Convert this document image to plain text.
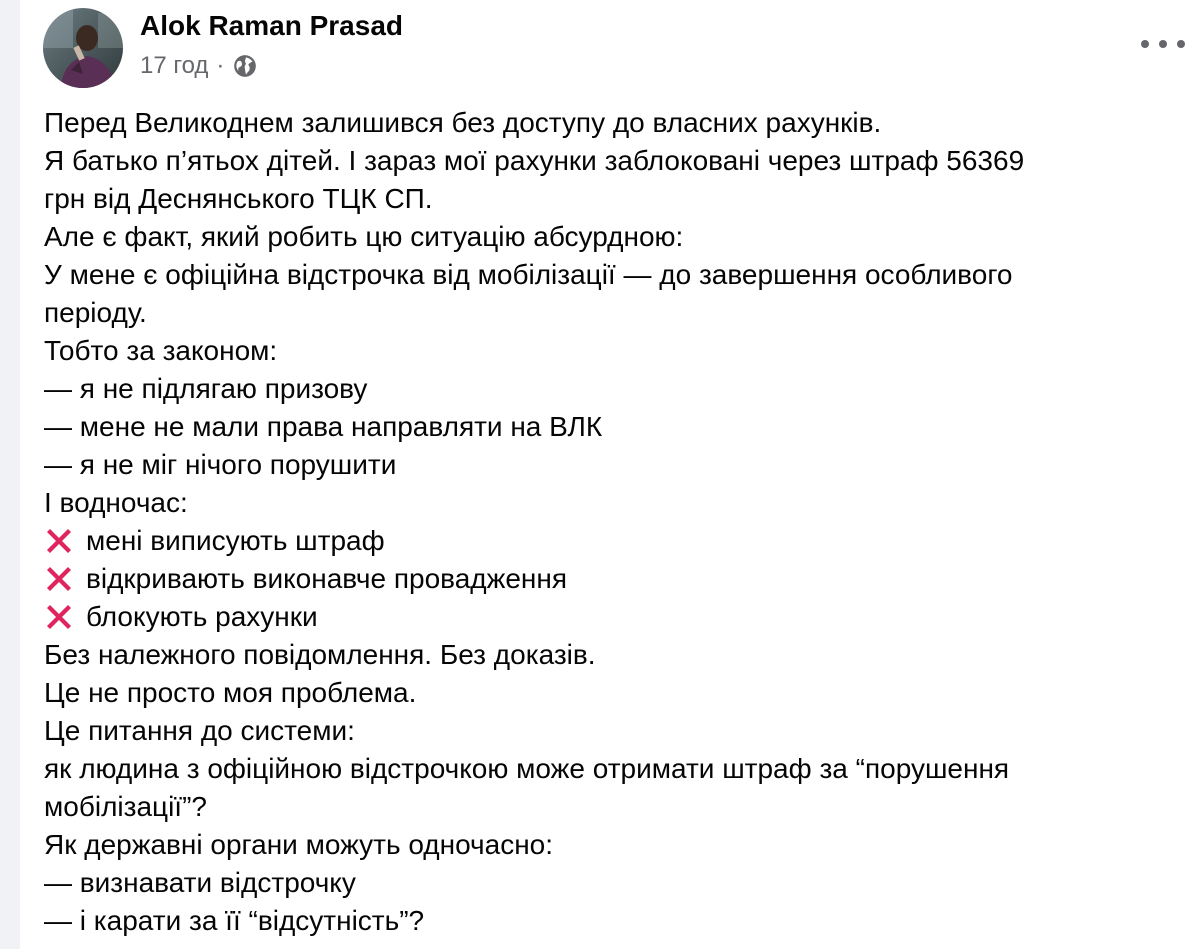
Alok Raman Prasad
17 год ·
Перед Великоднем залишився без доступу до власних рахунків.
Я батько п’ятьох дітей. І зараз мої рахунки заблоковані через штраф 56369
грн від Деснянського ТЦК СП.
Але є факт, який робить цю ситуацію абсурдною:
У мене є офіційна відстрочка від мобілізації — до завершення особливого
періоду.
Тобто за законом:
— я не підлягаю призову
— мене не мали права направляти на ВЛК
— я не міг нічого порушити
І водночас:
мені виписують штраф
відкривають виконавче провадження
блокують рахунки
Без належного повідомлення. Без доказів.
Це не просто моя проблема.
Це питання до системи:
як людина з офіційною відстрочкою може отримати штраф за “порушення
мобілізації”?
Як державні органи можуть одночасно:
— визнавати відстрочку
— і карати за її “відсутність”?
